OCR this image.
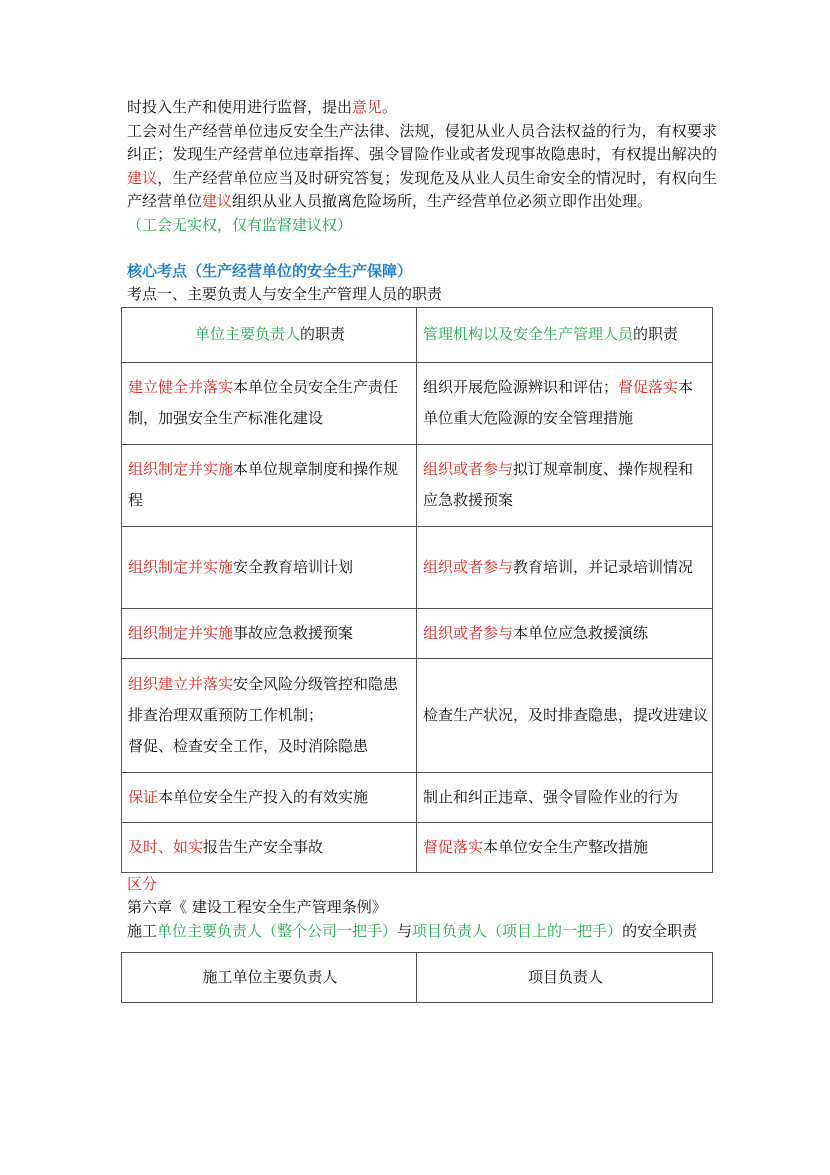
时投入生产和使用进行监督，提出意见。

工会对生产经营单位违反安全生产法律、法规，侵犯从业人员合法权益的行为，有权要求纠正；发现生产经营单位违章指挥、强令冒险作业或者发现事故隐患时，有权提出解决的建议，生产经营单位应当及时研究答复；发现危及从业人员生命安全的情况时，有权向生产经营单位建议组织从业人员撤离危险场所，生产经营单位必须立即作出处理。

（工会无实权，仅有监督建议权）

核心考点（生产经营单位的安全生产保障）

考点一、主要负责人与安全生产管理人员的职责

单位主要负责人的职责	管理机构以及安全生产管理人员的职责
建立健全并落实本单位全员安全生产责任制，加强安全生产标准化建设	组织开展危险源辨识和评估；督促落实本单位重大危险源的安全管理措施
组织制定并实施本单位规章制度和操作规程	组织或者参与拟订规章制度、操作规程和应急救援预案
组织制定并实施安全教育培训计划	组织或者参与教育培训，并记录培训情况
组织制定并实施事故应急救援预案	组织或者参与本单位应急救援演练
组织建立并落实安全风险分级管控和隐患排查治理双重预防工作机制；
督促、检查安全工作，及时消除隐患	检查生产状况，及时排查隐患，提改进建议
保证本单位安全生产投入的有效实施	制止和纠正违章、强令冒险作业的行为
及时、如实报告生产安全事故	督促落实本单位安全生产整改措施

区分

第六章《 建设工程安全生产管理条例》

施工单位主要负责人（整个公司一把手）与项目负责人（项目上的一把手）的安全职责

施工单位主要负责人	项目负责人
